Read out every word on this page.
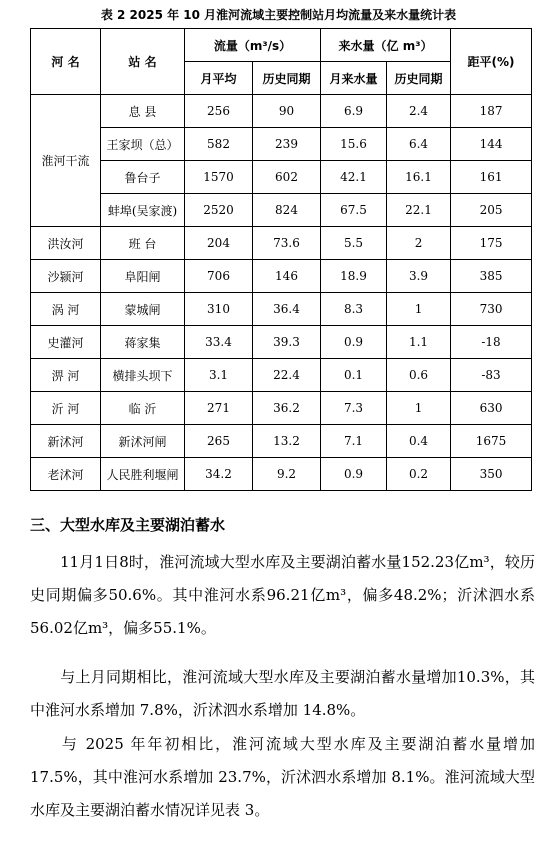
表 2 2025 年 10 月淮河流域主要控制站月均流量及来水量统计表
河 名	站 名	流量（m³/s）		来水量（亿 m³）		距平(%)
		月平均	历史同期	月来水量	历史同期	
淮河干流	息 县	256	90	6.9	2.4	187
	王家坝（总）	582	239	15.6	6.4	144
	鲁台子	1570	602	42.1	16.1	161
	蚌埠(吴家渡)	2520	824	67.5	22.1	205
洪汝河	班 台	204	73.6	5.5	2	175
沙颍河	阜阳闸	706	146	18.9	3.9	385
涡 河	蒙城闸	310	36.4	8.3	1	730
史灌河	蒋家集	33.4	39.3	0.9	1.1	-18
淠 河	横排头坝下	3.1	22.4	0.1	0.6	-83
沂 河	临 沂	271	36.2	7.3	1	630
新沭河	新沭河闸	265	13.2	7.1	0.4	1675
老沭河	人民胜利堰闸	34.2	9.2	0.9	0.2	350
三、大型水库及主要湖泊蓄水
11月1日8时，淮河流域大型水库及主要湖泊蓄水量152.23亿m³，较历史同期偏多50.6%。其中淮河水系96.21亿m³，偏多48.2%；沂沭泗水系56.02亿m³，偏多55.1%。
与上月同期相比，淮河流域大型水库及主要湖泊蓄水量增加10.3%，其中淮河水系增加 7.8%，沂沭泗水系增加 14.8%。
与 2025 年年初相比，淮河流域大型水库及主要湖泊蓄水量增加17.5%，其中淮河水系增加 23.7%，沂沭泗水系增加 8.1%。淮河流域大型水库及主要湖泊蓄水情况详见表 3。
